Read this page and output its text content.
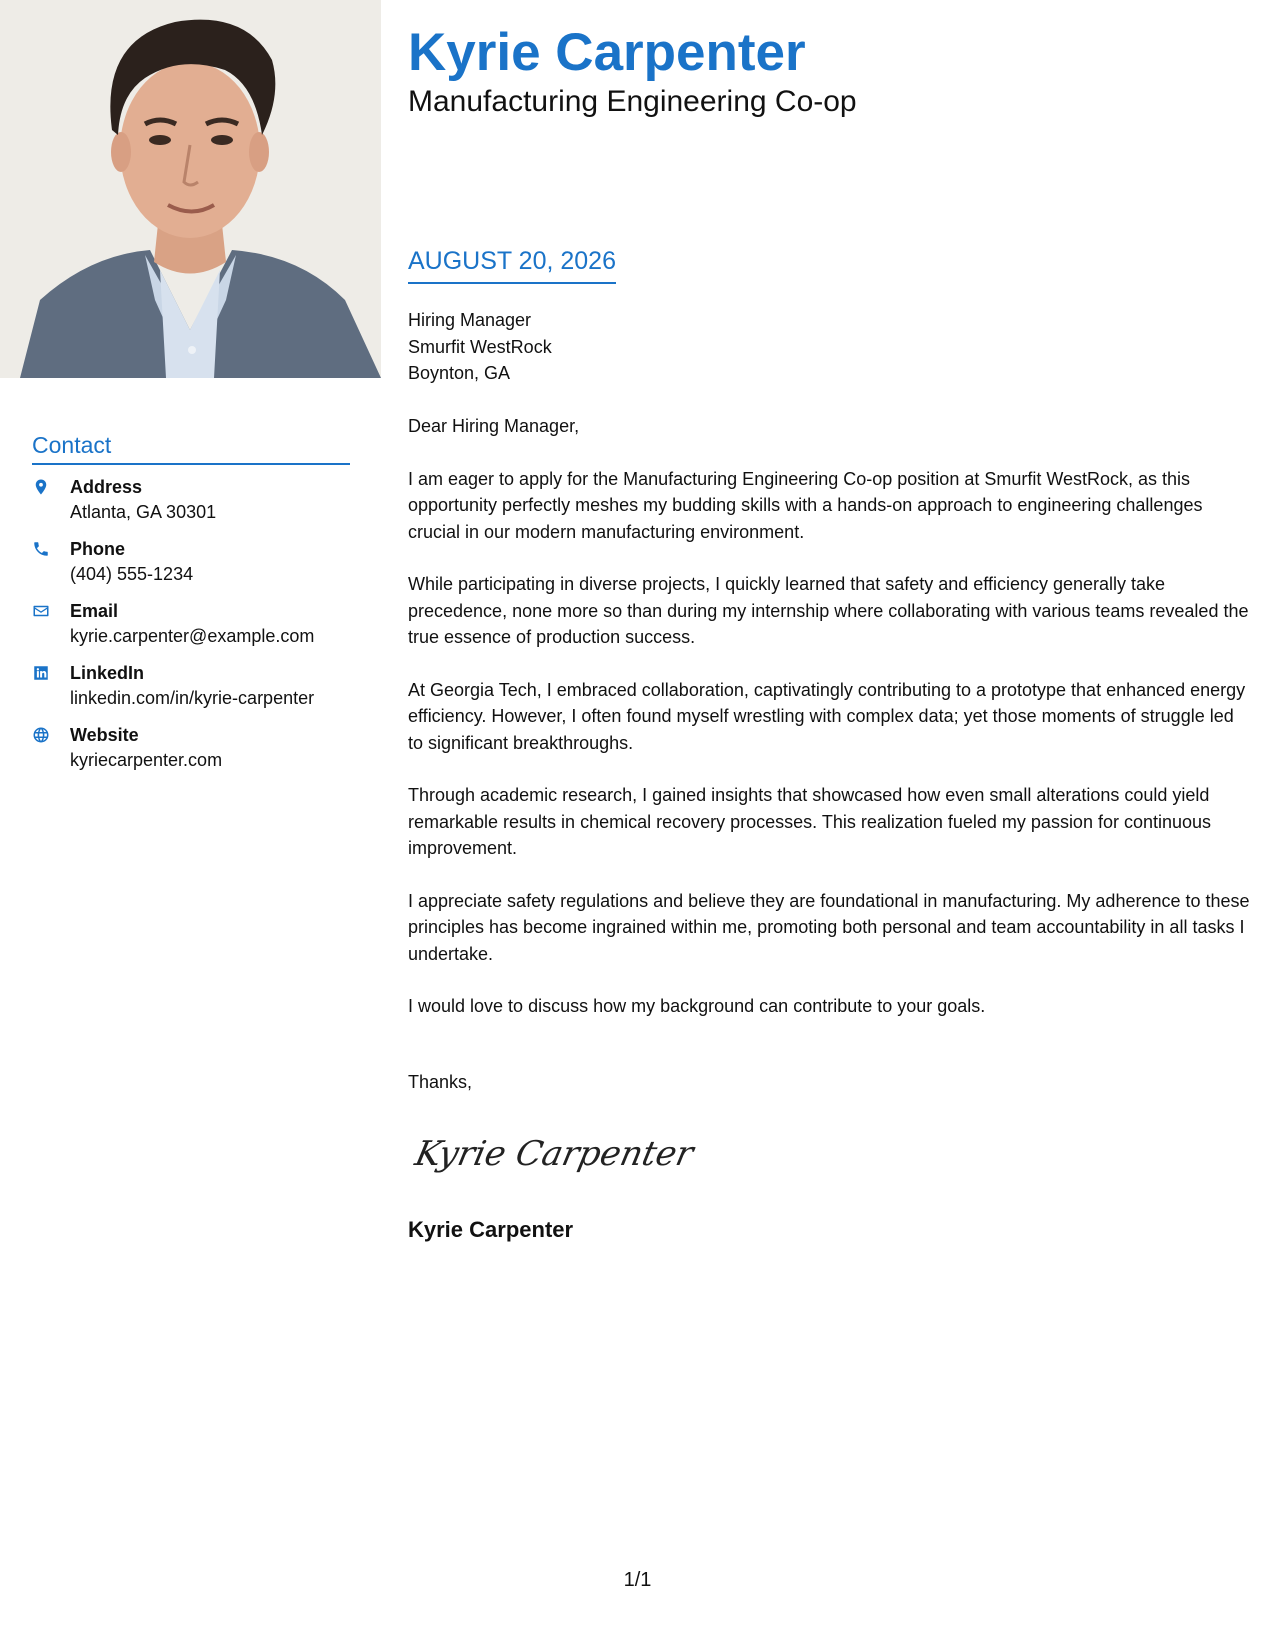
Contact
Address
Atlanta, GA 30301
Phone
(404) 555-1234
Email
kyrie.carpenter@example.com
LinkedIn
linkedin.com/in/kyrie-carpenter
Website
kyriecarpenter.com
Kyrie Carpenter
Manufacturing Engineering Co-op
AUGUST 20, 2026
Hiring Manager
Smurfit WestRock
Boynton, GA

Dear Hiring Manager,

I am eager to apply for the Manufacturing Engineering Co-op position at Smurfit WestRock, as this opportunity perfectly meshes my budding skills with a hands-on approach to engineering challenges crucial in our modern manufacturing environment.

While participating in diverse projects, I quickly learned that safety and efficiency generally take precedence, none more so than during my internship where collaborating with various teams revealed the true essence of production success.

At Georgia Tech, I embraced collaboration, captivatingly contributing to a prototype that enhanced energy efficiency. However, I often found myself wrestling with complex data; yet those moments of struggle led to significant breakthroughs.

Through academic research, I gained insights that showcased how even small alterations could yield remarkable results in chemical recovery processes. This realization fueled my passion for continuous improvement.

I appreciate safety regulations and believe they are foundational in manufacturing. My adherence to these principles has become ingrained within me, promoting both personal and team accountability in all tasks I undertake.

I would love to discuss how my background can contribute to your goals.

Thanks,
Kyrie Carpenter
Kyrie Carpenter
1/1
